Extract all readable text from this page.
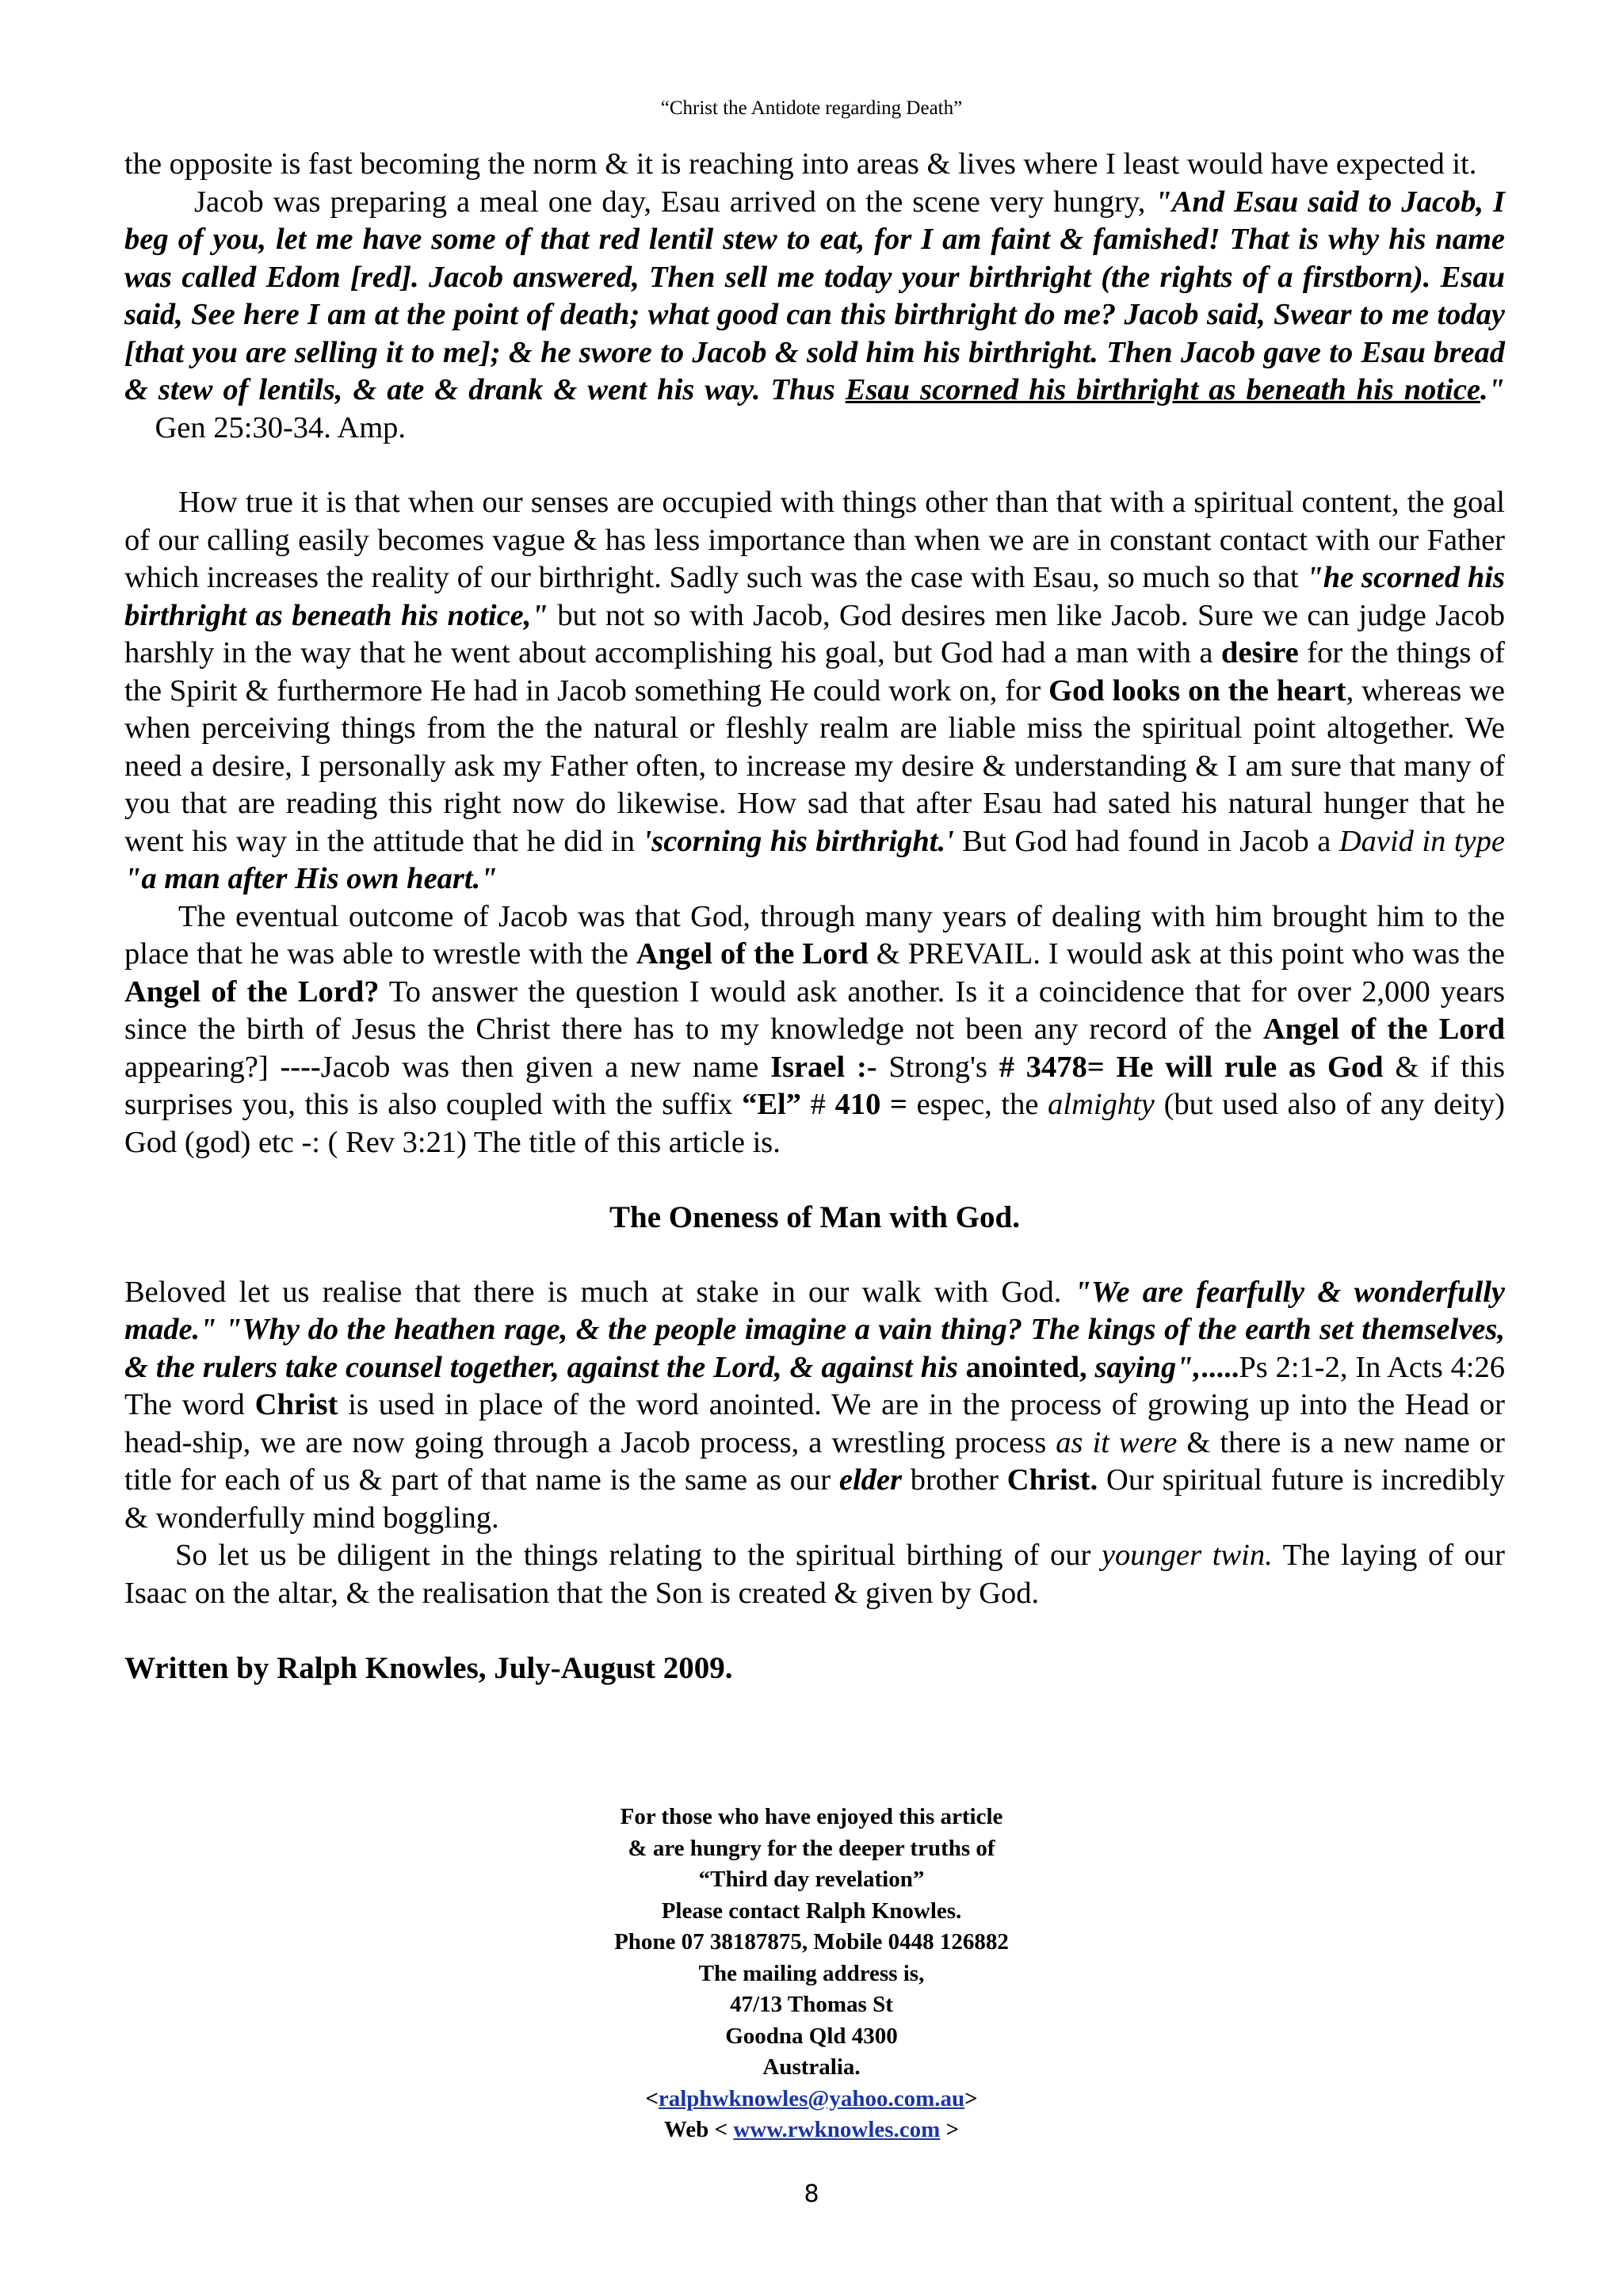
“Christ the Antidote regarding Death”

the opposite is fast becoming the norm & it is reaching into areas & lives where I least would have expected it.

Jacob was preparing a meal one day, Esau arrived on the scene very hungry, "And Esau said to Jacob, I beg of you, let me have some of that red lentil stew to eat, for I am faint & famished! That is why his name was called Edom [red]. Jacob answered, Then sell me today your birthright (the rights of a firstborn). Esau said, See here I am at the point of death; what good can this birthright do me? Jacob said, Swear to me today [that you are selling it to me]; & he swore to Jacob & sold him his birthright. Then Jacob gave to Esau bread & stew of lentils, & ate & drank & went his way. Thus Esau scorned his birthright as beneath his notice."    Gen 25:30-34. Amp.

How true it is that when our senses are occupied with things other than that with a spiritual content, the goal of our calling easily becomes vague & has less importance than when we are in constant contact with our Father which increases the reality of our birthright. Sadly such was the case with Esau, so much so that "he scorned his birthright as beneath his notice," but not so with Jacob, God desires men like Jacob. Sure we can judge Jacob harshly in the way that he went about accomplishing his goal, but God had a man with a desire for the things of the Spirit & furthermore He had in Jacob something He could work on, for God looks on the heart, whereas we when perceiving things from the the natural or fleshly realm are liable miss the spiritual point altogether. We need a desire, I personally ask my Father often, to increase my desire & understanding & I am sure that many of you that are reading this right now do likewise. How sad that after Esau had sated his natural hunger that he went his way in the attitude that he did in 'scorning his birthright.' But God had found in Jacob a David in type "a man after His own heart."

The eventual outcome of Jacob was that God, through many years of dealing with him brought him to the place that he was able to wrestle with the Angel of the Lord & PREVAIL. I would ask at this point who was the Angel of the Lord? To answer the question I would ask another. Is it a coincidence that for over 2,000 years since the birth of Jesus the Christ there has to my knowledge not been any record of the Angel of the Lord appearing?] ----Jacob was then given a new name Israel :- Strong's # 3478= He will rule as God & if this surprises you, this is also coupled with the suffix “El” # 410 = espec, the almighty (but used also of any deity) God (god) etc -: ( Rev 3:21) The title of this article is.

The Oneness of Man with God.

Beloved let us realise that there is much at stake in our walk with God. "We are fearfully & wonderfully made." "Why do the heathen rage, & the people imagine a vain thing? The kings of the earth set themselves, & the rulers take counsel together, against the Lord, & against his anointed, saying",.....Ps 2:1-2, In Acts 4:26 The word Christ is used in place of the word anointed. We are in the process of growing up into the Head or head-ship, we are now going through a Jacob process, a wrestling process as it were & there is a new name or title for each of us & part of that name is the same as our elder brother Christ. Our spiritual future is incredibly & wonderfully mind boggling.

So let us be diligent in the things relating to the spiritual birthing of our younger twin. The laying of our Isaac on the altar, & the realisation that the Son is created & given by God.

Written by Ralph Knowles, July-August 2009.

For those who have enjoyed this article
& are hungry for the deeper truths of
“Third day revelation”
Please contact Ralph Knowles.
Phone 07 38187875, Mobile 0448 126882
The mailing address is,
47/13 Thomas St
Goodna Qld 4300
Australia.
<ralphwknowles@yahoo.com.au>
Web < www.rwknowles.com >
8
